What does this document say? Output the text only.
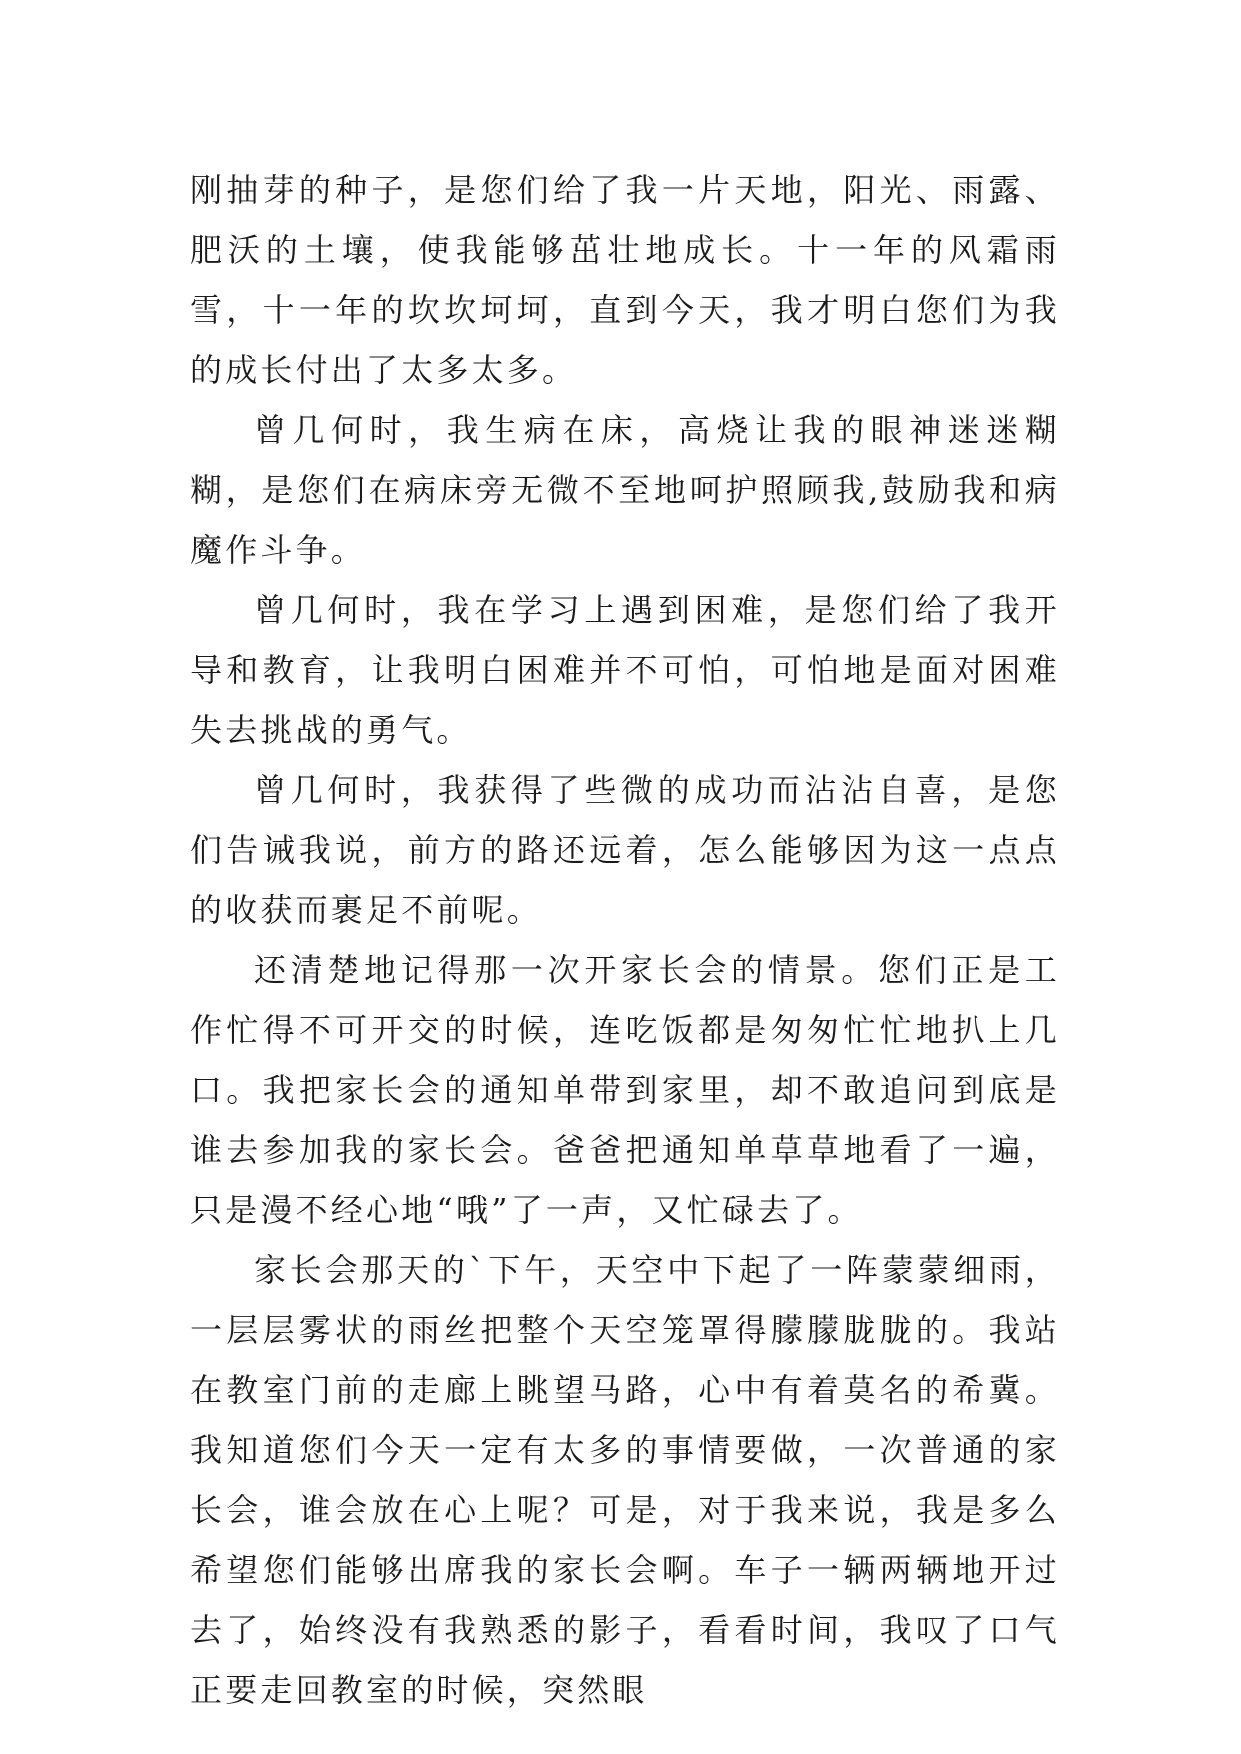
刚抽芽的种子，是您们给了我一片天地，阳光、雨露、肥沃的土壤，使我能够茁壮地成长。十一年的风霜雨雪，十一年的坎坎坷坷，直到今天，我才明白您们为我的成长付出了太多太多。

曾几何时，我生病在床，高烧让我的眼神迷迷糊糊，是您们在病床旁无微不至地呵护照顾我,鼓励我和病魔作斗争。

曾几何时，我在学习上遇到困难，是您们给了我开导和教育，让我明白困难并不可怕，可怕地是面对困难失去挑战的勇气。

曾几何时，我获得了些微的成功而沾沾自喜，是您们告诫我说，前方的路还远着，怎么能够因为这一点点的收获而裹足不前呢。

还清楚地记得那一次开家长会的情景。您们正是工作忙得不可开交的时候，连吃饭都是匆匆忙忙地扒上几口。我把家长会的通知单带到家里，却不敢追问到底是谁去参加我的家长会。爸爸把通知单草草地看了一遍，只是漫不经心地“哦”了一声，又忙碌去了。

家长会那天的`下午，天空中下起了一阵蒙蒙细雨，一层层雾状的雨丝把整个天空笼罩得朦朦胧胧的。我站在教室门前的走廊上眺望马路，心中有着莫名的希冀。我知道您们今天一定有太多的事情要做，一次普通的家长会，谁会放在心上呢？可是，对于我来说，我是多么希望您们能够出席我的家长会啊。车子一辆两辆地开过去了，始终没有我熟悉的影子，看看时间，我叹了口气正要走回教室的时候，突然眼
